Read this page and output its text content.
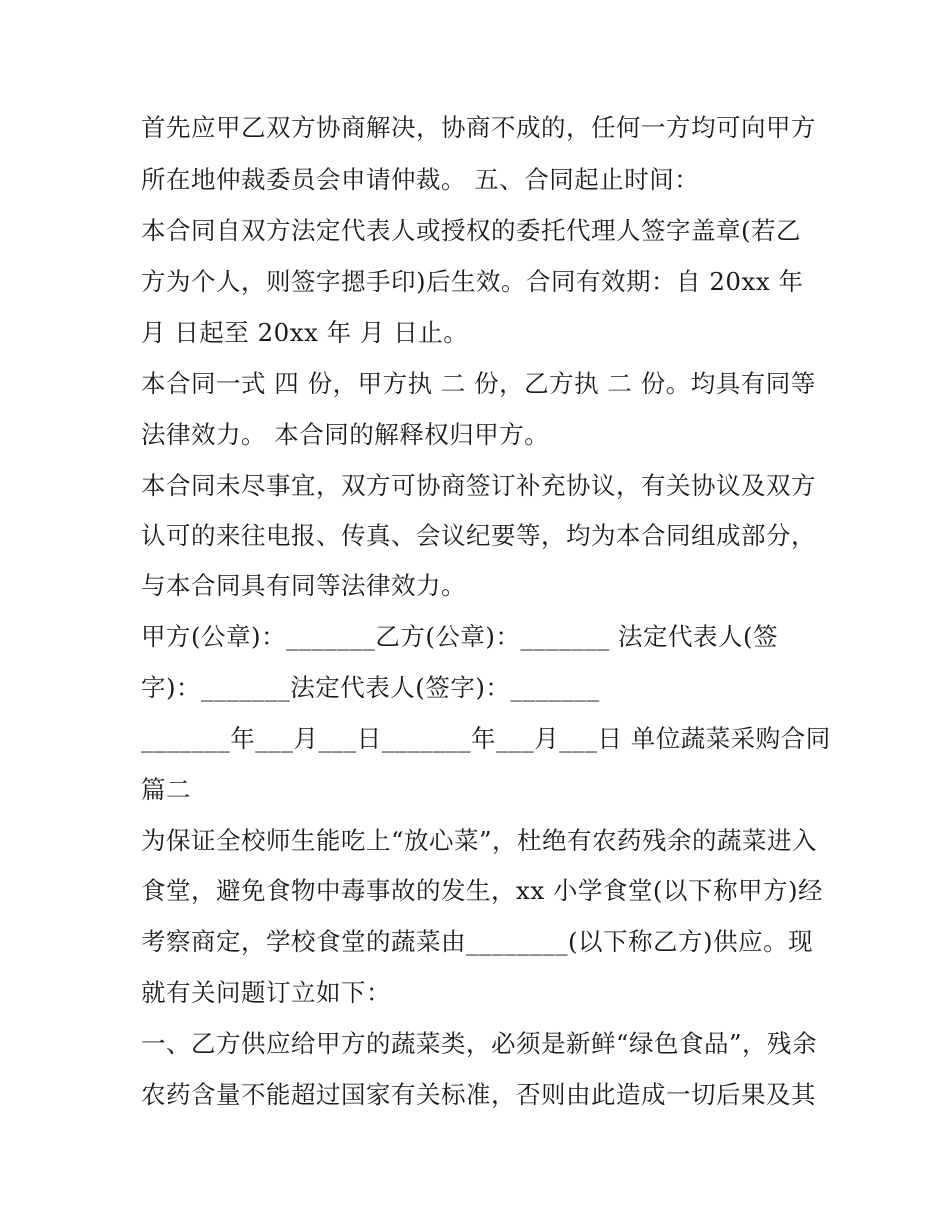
首先应甲乙双方协商解决，协商不成的，任何一方均可向甲方
所在地仲裁委员会申请仲裁。 五、合同起止时间：
本合同自双方法定代表人或授权的委托代理人签字盖章(若乙
方为个人，则签字摁手印)后生效。合同有效期：自 20xx 年
月 日起至 20xx 年 月 日止。
本合同一式 四 份，甲方执 二 份，乙方执 二 份。均具有同等
法律效力。 本合同的解释权归甲方。
本合同未尽事宜，双方可协商签订补充协议，有关协议及双方
认可的来往电报、传真、会议纪要等，均为本合同组成部分，
与本合同具有同等法律效力。
甲方(公章)：_______乙方(公章)：_______ 法定代表人(签
字)：_______法定代表人(签字)：_______
_______年___月___日_______年___月___日 单位蔬菜采购合同
篇二
为保证全校师生能吃上“放心菜”，杜绝有农药残余的蔬菜进入
食堂，避免食物中毒事故的发生，xx 小学食堂(以下称甲方)经
考察商定，学校食堂的蔬菜由________(以下称乙方)供应。现
就有关问题订立如下：
一、乙方供应给甲方的蔬菜类，必须是新鲜“绿色食品”，残余
农药含量不能超过国家有关标准，否则由此造成一切后果及其
